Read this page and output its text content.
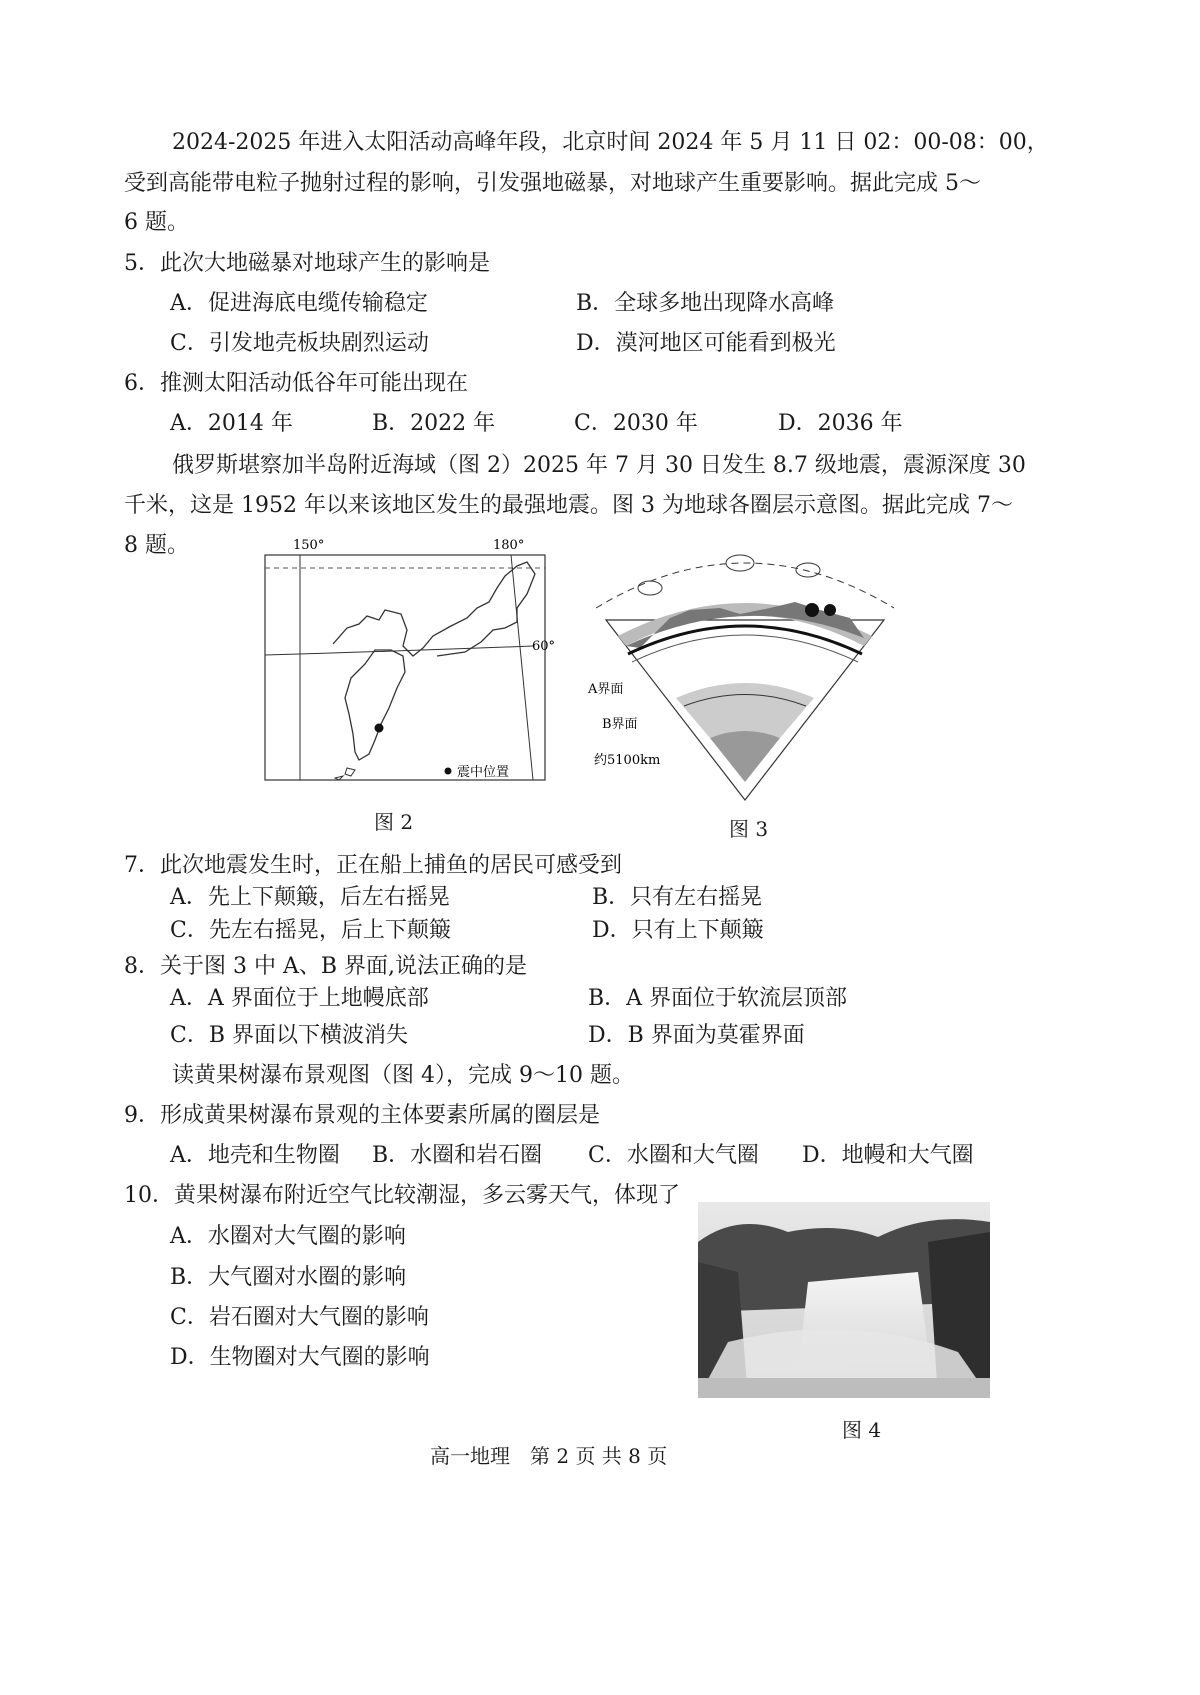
2024-2025 年进入太阳活动高峰年段，北京时间 2024 年 5 月 11 日 02：00-08：00，
受到高能带电粒子抛射过程的影响，引发强地磁暴，对地球产生重要影响。据此完成 5～
6 题。
5．此次大地磁暴对地球产生的影响是
A．促进海底电缆传输稳定	B．全球多地出现降水高峰
C．引发地壳板块剧烈运动	D．漠河地区可能看到极光
6．推测太阳活动低谷年可能出现在
A．2014 年	B．2022 年	C．2030 年	D．2036 年
俄罗斯堪察加半岛附近海域（图 2）2025 年 7 月 30 日发生 8.7 级地震，震源深度 30
千米，这是 1952 年以来该地区发生的最强地震。图 3 为地球各圈层示意图。据此完成 7～
8 题。	150°	180°
60°
震中位置
图 2
A界面
B界面
约5100km
图 3
7．此次地震发生时，正在船上捕鱼的居民可感受到
A．先上下颠簸，后左右摇晃	B．只有左右摇晃
C．先左右摇晃，后上下颠簸	D．只有上下颠簸
8．关于图 3 中 A、B 界面,说法正确的是
A．A 界面位于上地幔底部	B．A 界面位于软流层顶部
C．B 界面以下横波消失	D．B 界面为莫霍界面
读黄果树瀑布景观图（图 4），完成 9～10 题。
9．形成黄果树瀑布景观的主体要素所属的圈层是
A．地壳和生物圈 B．水圈和岩石圈 C．水圈和大气圈 D．地幔和大气圈
10．黄果树瀑布附近空气比较潮湿，多云雾天气，体现了
A．水圈对大气圈的影响
B．大气圈对水圈的影响
C．岩石圈对大气圈的影响
D．生物圈对大气圈的影响
图 4
高一地理　第 2 页 共 8 页
